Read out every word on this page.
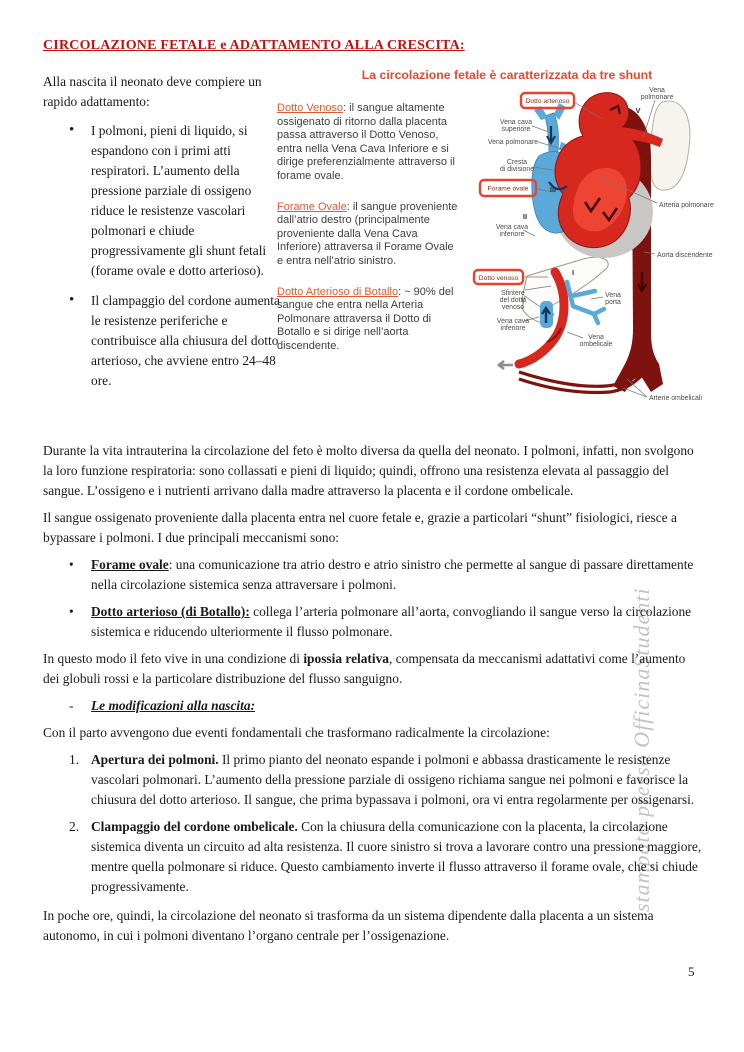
stampato presso OfficinaStudenti
CIRCOLAZIONE FETALE e ADATTAMENTO ALLA CRESCITA:

Alla nascita il neonato deve compiere un rapido adattamento:

• I polmoni, pieni di liquido, si espandono con i primi atti respiratori. L’aumento della pressione parziale di ossigeno riduce le resistenze vascolari polmonari e chiude progressivamente gli shunt fetali (forame ovale e dotto arterioso).
• Il clampaggio del cordone aumenta le resistenze periferiche e contribuisce alla chiusura del dotto arterioso, che avviene entro 24–48 ore.
La circolazione fetale è caratterizzata da tre shunt
Dotto Venoso: il sangue altamente ossigenato di ritorno dalla placenta passa attraverso il Dotto Venoso, entra nella Vena Cava Inferiore e si dirige preferenzialmente attraverso il forame ovale.
Forame Ovale: il sangue proveniente dall’atrio destro (principalmente proveniente dalla Vena Cava Inferiore) attraversa il Forame Ovale e entra nell’atrio sinistro.
Dotto Arterioso di Botallo: ~ 90% del sangue che entra nella Arteria Polmonare attraversa il Dotto di Botallo e si dirige nell’aorta discendente.
Dotto arterioso
Forame ovale
Dotto venoso
Vena
polmonare
V
Vena cava
superiore
Vena polmonare
Cresta
di divisione
III
II
Vena cava
inferiore
Arteria polmonare
Aorta discendente
I
Sfintere
del dotto
venoso
Vena
porta
Vena cava
inferiore
Vena
ombelicale
Arterie ombelicali

Durante la vita intrauterina la circolazione del feto è molto diversa da quella del neonato. I polmoni, infatti, non svolgono la loro funzione respiratoria: sono collassati e pieni di liquido; quindi, offrono una resistenza elevata al passaggio del sangue. L’ossigeno e i nutrienti arrivano dalla madre attraverso la placenta e il cordone ombelicale.

Il sangue ossigenato proveniente dalla placenta entra nel cuore fetale e, grazie a particolari “shunt” fisiologici, riesce a bypassare i polmoni. I due principali meccanismi sono:

• Forame ovale: una comunicazione tra atrio destro e atrio sinistro che permette al sangue di passare direttamente nella circolazione sistemica senza attraversare i polmoni.
• Dotto arterioso (di Botallo): collega l’arteria polmonare all’aorta, convogliando il sangue verso la circolazione sistemica e riducendo ulteriormente il flusso polmonare.

In questo modo il feto vive in una condizione di ipossia relativa, compensata da meccanismi adattativi come l’aumento dei globuli rossi e la particolare distribuzione del flusso sanguigno.

- Le modificazioni alla nascita:

Con il parto avvengono due eventi fondamentali che trasformano radicalmente la circolazione:

1. Apertura dei polmoni. Il primo pianto del neonato espande i polmoni e abbassa drasticamente le resistenze vascolari polmonari. L’aumento della pressione parziale di ossigeno richiama sangue nei polmoni e favorisce la chiusura del dotto arterioso. Il sangue, che prima bypassava i polmoni, ora vi entra regolarmente per ossigenarsi.
2. Clampaggio del cordone ombelicale. Con la chiusura della comunicazione con la placenta, la circolazione sistemica diventa un circuito ad alta resistenza. Il cuore sinistro si trova a lavorare contro una pressione maggiore, mentre quella polmonare si riduce. Questo cambiamento inverte il flusso attraverso il forame ovale, che si chiude progressivamente.

In poche ore, quindi, la circolazione del neonato si trasforma da un sistema dipendente dalla placenta a un sistema autonomo, in cui i polmoni diventano l’organo centrale per l’ossigenazione.

5
